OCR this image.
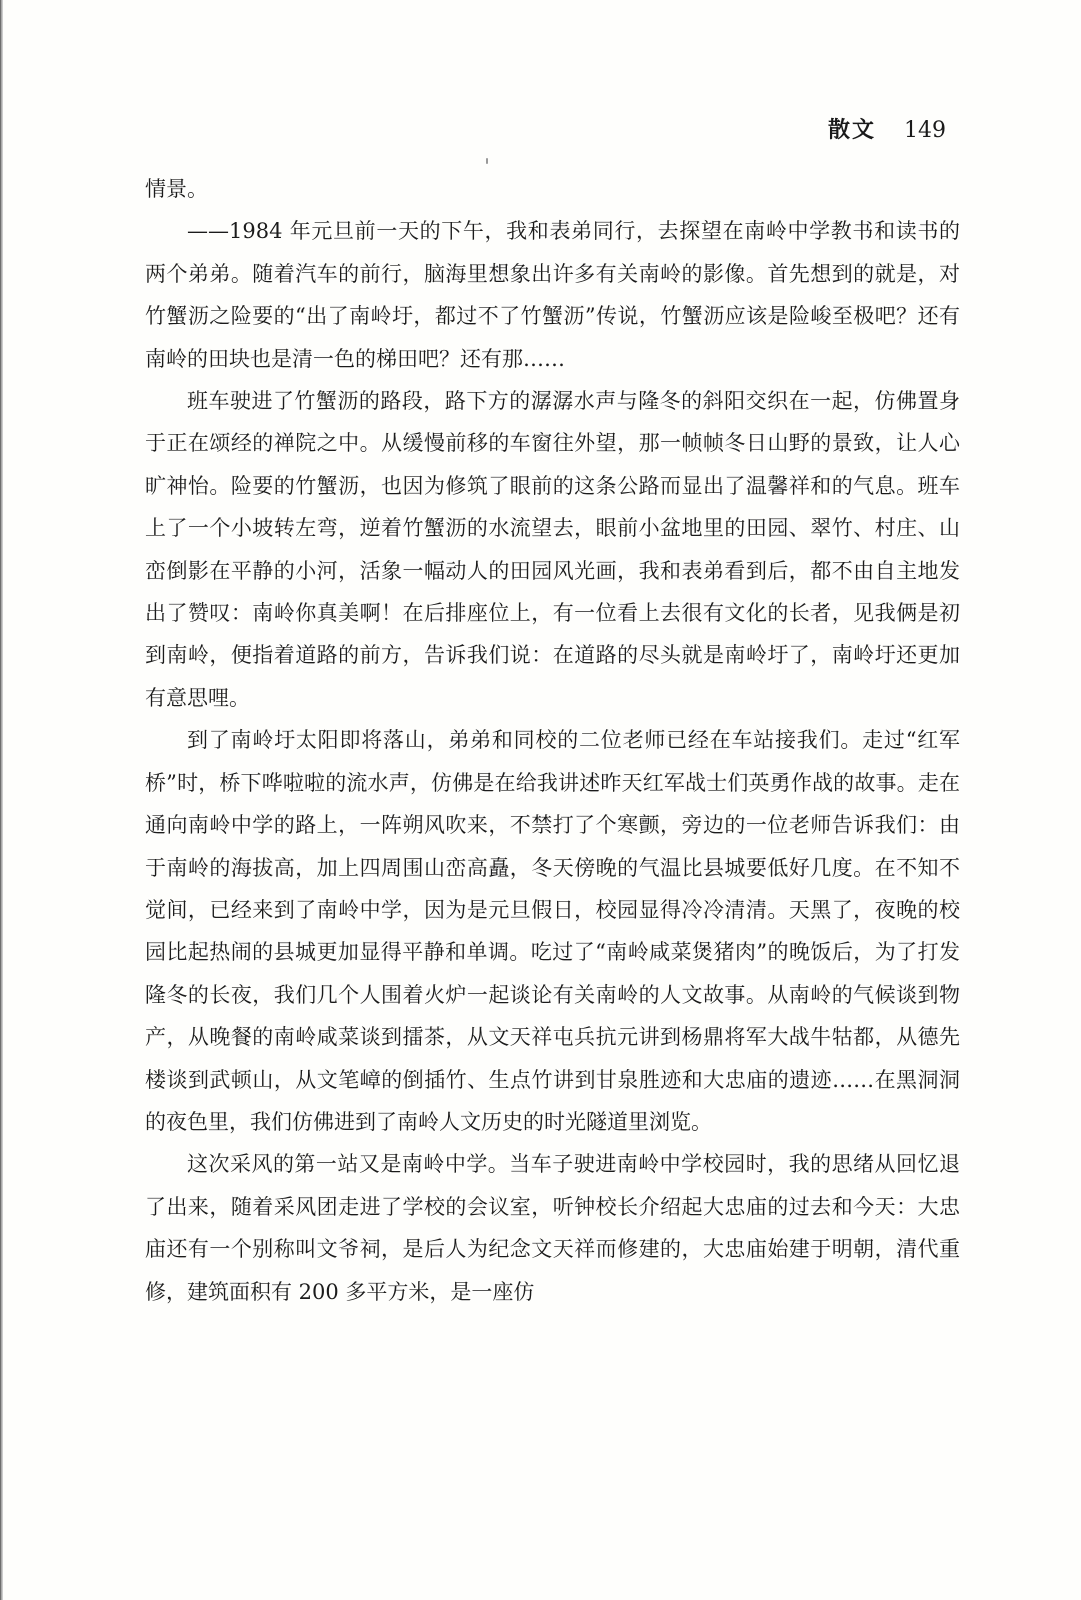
散文 149

情景。

——1984 年元旦前一天的下午，我和表弟同行，去探望在南岭中学教书和读书的两个弟弟。随着汽车的前行，脑海里想象出许多有关南岭的影像。首先想到的就是，对竹蟹沥之险要的“出了南岭圩，都过不了竹蟹沥”传说，竹蟹沥应该是险峻至极吧？还有南岭的田块也是清一色的梯田吧？还有那……

班车驶进了竹蟹沥的路段，路下方的潺潺水声与隆冬的斜阳交织在一起，仿佛置身于正在颂经的禅院之中。从缓慢前移的车窗往外望，那一帧帧冬日山野的景致，让人心旷神怡。险要的竹蟹沥，也因为修筑了眼前的这条公路而显出了温馨祥和的气息。班车上了一个小坡转左弯，逆着竹蟹沥的水流望去，眼前小盆地里的田园、翠竹、村庄、山峦倒影在平静的小河，活象一幅动人的田园风光画，我和表弟看到后，都不由自主地发出了赞叹：南岭你真美啊！在后排座位上，有一位看上去很有文化的长者，见我俩是初到南岭，便指着道路的前方，告诉我们说：在道路的尽头就是南岭圩了，南岭圩还更加有意思哩。

到了南岭圩太阳即将落山，弟弟和同校的二位老师已经在车站接我们。走过“红军桥”时，桥下哗啦啦的流水声，仿佛是在给我讲述昨天红军战士们英勇作战的故事。走在通向南岭中学的路上，一阵朔风吹来，不禁打了个寒颤，旁边的一位老师告诉我们：由于南岭的海拔高，加上四周围山峦高矗，冬天傍晚的气温比县城要低好几度。在不知不觉间，已经来到了南岭中学，因为是元旦假日，校园显得冷冷清清。天黑了，夜晚的校园比起热闹的县城更加显得平静和单调。吃过了“南岭咸菜煲猪肉”的晚饭后，为了打发隆冬的长夜，我们几个人围着火炉一起谈论有关南岭的人文故事。从南岭的气候谈到物产，从晚餐的南岭咸菜谈到擂茶，从文天祥屯兵抗元讲到杨鼎将军大战牛牯都，从德先楼谈到武顿山，从文笔嶂的倒插竹、生点竹讲到甘泉胜迹和大忠庙的遗迹……在黑洞洞的夜色里，我们仿佛进到了南岭人文历史的时光隧道里浏览。

这次采风的第一站又是南岭中学。当车子驶进南岭中学校园时，我的思绪从回忆退了出来，随着采风团走进了学校的会议室，听钟校长介绍起大忠庙的过去和今天：大忠庙还有一个别称叫文爷祠，是后人为纪念文天祥而修建的，大忠庙始建于明朝，清代重修，建筑面积有 200 多平方米，是一座仿
